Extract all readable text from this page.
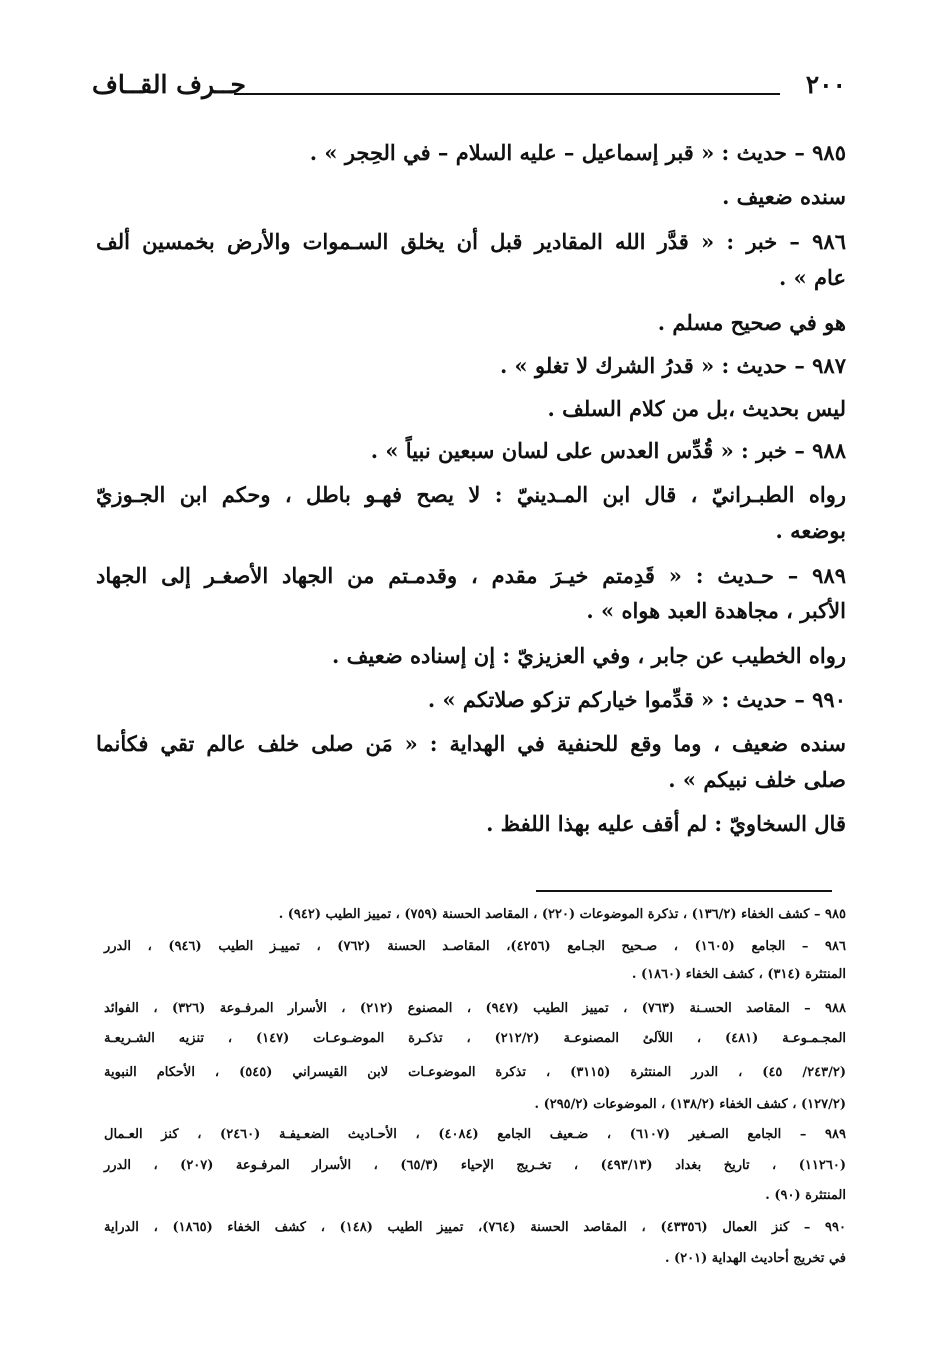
٢٠٠
حــرف القــاف
٩٨٥ – حديث : « قبر إسماعيل – عليه السلام – في الحِجر » .
سنده ضعيف .
٩٨٦ – خبر : « قدَّر الله المقادير قبل أن يخلق السـموات والأرض بخمسين ألف
عام » .
هو في صحيح مسلم .
٩٨٧ – حديث : « قدرُ الشرك لا تغلو » .
ليس بحديث ،بل من كلام السلف .
٩٨٨ – خبر : « قُدِّس العدس على لسان سبعين نبياً » .
رواه الطبـرانيّ ، قال ابن المـدينيّ : لا يصح فهـو باطل ، وحكم ابن الجـوزيّ
بوضعه .
٩٨٩ – حـديث : « قَدِمتم خيـرَ مقدم ، وقدمـتم من الجهاد الأصغـر إلى الجهاد
الأكبر ، مجاهدة العبد هواه » .
رواه الخطيب عن جابر ، وفي العزيزيّ : إن إسناده ضعيف .
٩٩٠ – حديث : « قدِّموا خياركم تزكو صلاتكم » .
سنده ضعيف ، وما وقع للحنفية في الهداية : « مَن صلى خلف عالم تقي فكأنما
صلى خلف نبيكم » .
قال السخاويّ : لم أقف عليه بهذا اللفظ .
٩٨٥ – كشف الخفاء (١٣٦/٢) ، تذكرة الموضوعات (٢٢٠) ، المقاصد الحسنة (٧٥٩) ، تمييز الطيب (٩٤٢) .
٩٨٦ – الجامع (١٦٠٥) ، صـحيح الجـامع (٤٢٥٦)، المقاصـد الحسنة (٧٦٢) ، تمييـز الطيب (٩٤٦) ، الدرر
المنتثرة (٣١٤) ، كشف الخفاء (١٨٦٠) .
٩٨٨ – المقاصد الحسـنة (٧٦٣) ، تمييز الطيب (٩٤٧) ، المصنوع (٢١٢) ، الأسرار المرفـوعة (٣٢٦) ، الفوائد
المجـمـوعـة (٤٨١) ، اللآلئ المصنوعـة (٢١٢/٢) ، تذكـرة الموضـوعـات (١٤٧) ، تنزيه الشـريعـة
(٢٤٣/٢/ ٤٥) ، الدرر المنتثرة (٣١١٥) ، تذكرة الموضوعـات لابن القيسراني (٥٤٥) ، الأحكام النبوية
(١٢٧/٢) ، كشف الخفاء (١٣٨/٢) ، الموضوعات (٢٩٥/٢) .
٩٨٩ – الجامع الصـغير (٦١٠٧) ، ضـعيف الجامع (٤٠٨٤) ، الأحـاديث الضعـيفـة (٢٤٦٠) ، كنز العـمال
(١١٢٦٠) ، تاريخ بغداد (٤٩٣/١٣) ، تخـريج الإحياء (٦٥/٣) ، الأسرار المرفـوعة (٢٠٧) ، الدرر
المنتثرة (٩٠) .
٩٩٠ – كنز العمال (٤٣٣٥٦) ، المقاصد الحسنة (٧٦٤)، تمييز الطيب (١٤٨) ، كشف الخفاء (١٨٦٥) ، الدراية
في تخريج أحاديث الهداية (٢٠١) .
